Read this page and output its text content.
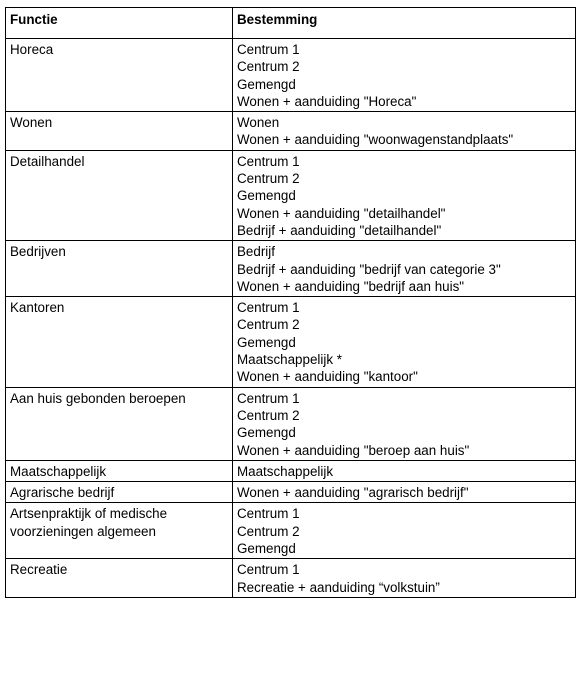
Functie	Bestemming

Horeca	Centrum 1
Centrum 2
Gemengd
Wonen + aanduiding "Horeca"

Wonen	Wonen
Wonen + aanduiding "woonwagenstandplaats"

Detailhandel	Centrum 1
Centrum 2
Gemengd
Wonen + aanduiding "detailhandel"
Bedrijf + aanduiding "detailhandel"

Bedrijven	Bedrijf
Bedrijf + aanduiding "bedrijf van categorie 3"
Wonen + aanduiding "bedrijf aan huis"

Kantoren	Centrum 1
Centrum 2
Gemengd
Maatschappelijk *
Wonen + aanduiding "kantoor"

Aan huis gebonden beroepen	Centrum 1
Centrum 2
Gemengd
Wonen + aanduiding "beroep aan huis"

Maatschappelijk	Maatschappelijk

Agrarische bedrijf	Wonen + aanduiding "agrarisch bedrijf"

Artsenpraktijk of medische voorzieningen algemeen	Centrum 1
Centrum 2
Gemengd

Recreatie	Centrum 1
Recreatie + aanduiding “volkstuin”
